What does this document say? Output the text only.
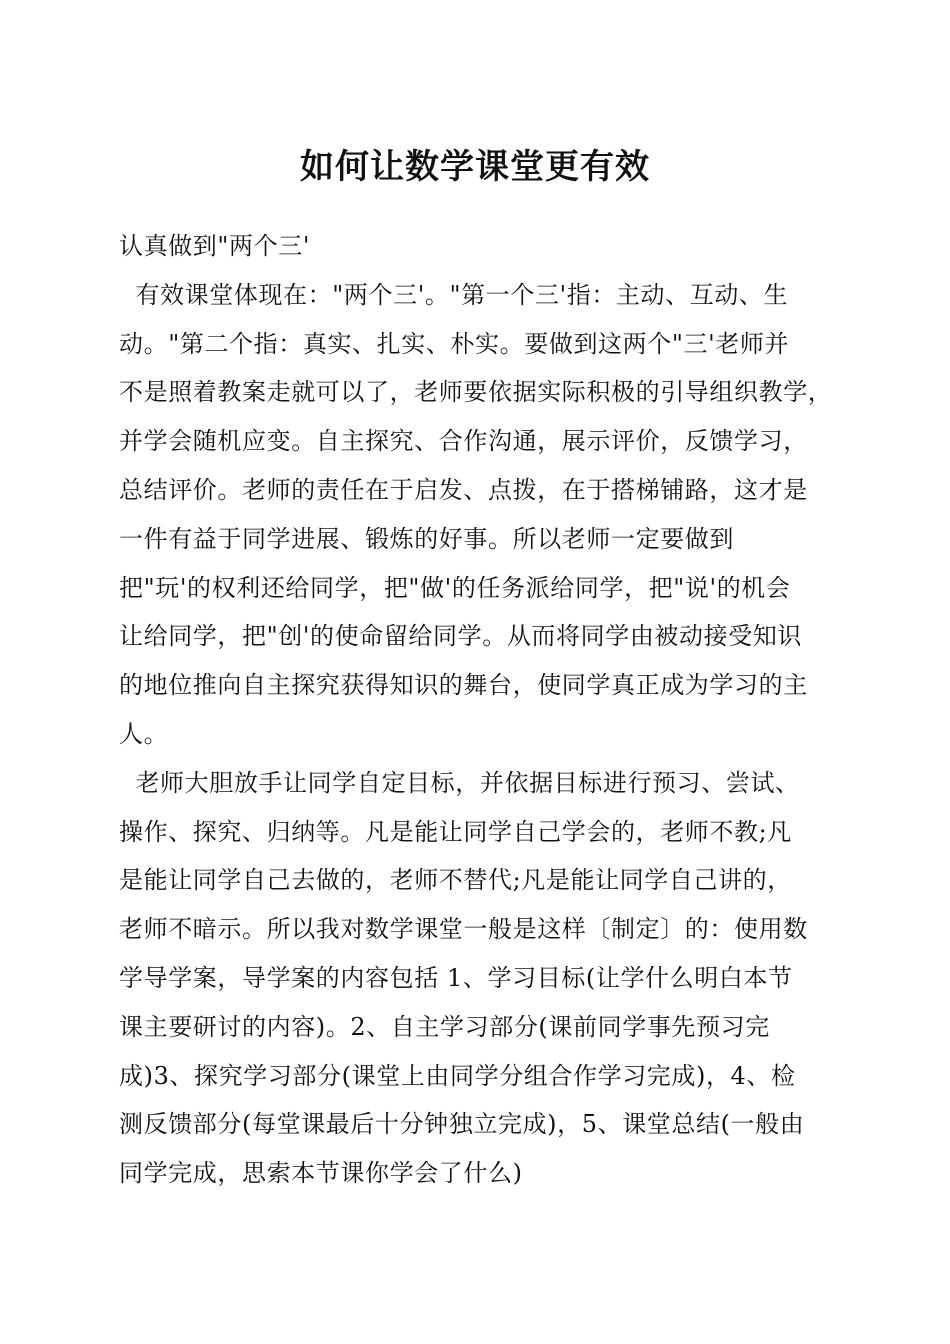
如何让数学课堂更有效
认真做到"两个三'
有效课堂体现在："两个三'。"第一个三'指：主动、互动、生
动。"第二个指：真实、扎实、朴实。要做到这两个"三'老师并
不是照着教案走就可以了，老师要依据实际积极的引导组织教学，
并学会随机应变。自主探究、合作沟通，展示评价，反馈学习，
总结评价。老师的责任在于启发、点拨，在于搭梯铺路，这才是
一件有益于同学进展、锻炼的好事。所以老师一定要做到
把"玩'的权利还给同学，把"做'的任务派给同学，把"说'的机会
让给同学，把"创'的使命留给同学。从而将同学由被动接受知识
的地位推向自主探究获得知识的舞台，使同学真正成为学习的主
人。
老师大胆放手让同学自定目标，并依据目标进行预习、尝试、
操作、探究、归纳等。凡是能让同学自己学会的，老师不教;凡
是能让同学自己去做的，老师不替代;凡是能让同学自己讲的，
老师不暗示。所以我对数学课堂一般是这样〔制定〕的：使用数
学导学案，导学案的内容包括 1、学习目标(让学什么明白本节
课主要研讨的内容)。2、自主学习部分(课前同学事先预习完
成)3、探究学习部分(课堂上由同学分组合作学习完成)，4、检
测反馈部分(每堂课最后十分钟独立完成)，5、课堂总结(一般由
同学完成，思索本节课你学会了什么)
